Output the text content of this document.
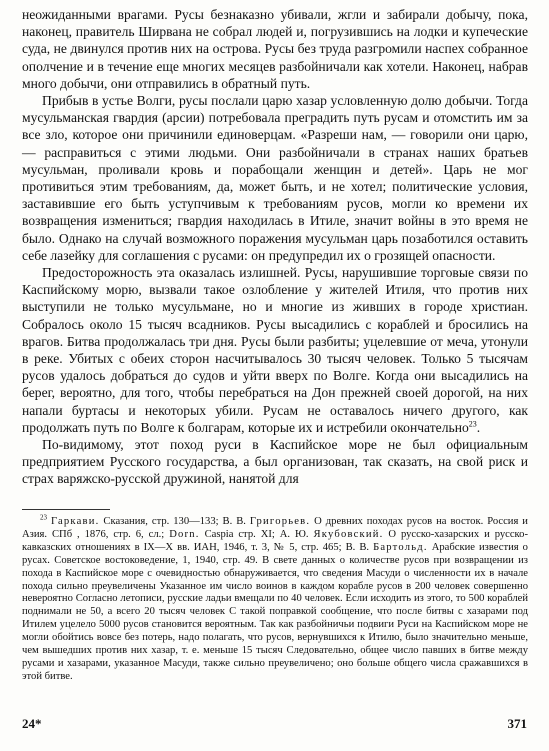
неожиданными врагами. Русы безнаказно убивали, жгли и забирали добычу, пока, наконец, правитель Ширвана не собрал людей и, погрузившись на лодки и купеческие суда, не двинулся против них на острова. Русы без труда разгромили наспех собранное ополчение и в течение еще многих месяцев разбойничали как хотели. Наконец, набрав много добычи, они отправились в обратный путь.

Прибыв в устье Волги, русы послали царю хазар условленную долю добычи. Тогда мусульманская гвардия (арсии) потребовала преградить путь русам и отомстить им за все зло, которое они причинили единоверцам. «Разреши нам, — говорили они царю, — расправиться с этими людьми. Они разбойничали в странах наших братьев мусульман, проливали кровь и порабощали женщин и детей». Царь не мог противиться этим требованиям, да, может быть, и не хотел; политические условия, заставившие его быть уступчивым к требованиям русов, могли ко времени их возвращения измениться; гвардия находилась в Итиле, значит войны в это время не было. Однако на случай возможного поражения мусульман царь позаботился оставить себе лазейку для соглашения с русами: он предупредил их о грозящей опасности.

Предосторожность эта оказалась излишней. Русы, нарушившие торговые связи по Каспийскому морю, вызвали такое озлобление у жителей Итиля, что против них выступили не только мусульмане, но и многие из живших в городе христиан. Собралось около 15 тысяч всадников. Русы высадились с кораблей и бросились на врагов. Битва продолжалась три дня. Русы были разбиты; уцелевшие от меча, утонули в реке. Убитых с обеих сторон насчитывалось 30 тысяч человек. Только 5 тысячам русов удалось добраться до судов и уйти вверх по Волге. Когда они высадились на берег, вероятно, для того, чтобы перебраться на Дон прежней своей дорогой, на них напали буртасы и некоторых убили. Русам не оставалось ничего другого, как продолжать путь по Волге к болгарам, которые их и истребили окончательно$^{23}$.

По-видимому, этот поход руси в Каспийское море не был официальным предприятием Русского государства, а был организован, так сказать, на свой риск и страх варяжско-русской дружиной, нанятой для

$^{23}$ Гаркави. Сказания, стр. 130—133; В. В. Григорьев. О древних походах русов на восток. Россия и Азия. СПб , 1876, стр. 6, сл.; Dorn. Caspia стр. XI; А. Ю. Якубовский. О русско-хазарских и русско-кавказских отношениях в IX—X вв. ИАН, 1946, т. 3, № 5, стр. 465; В. В. Бартольд. Арабские известия о русах. Советское востоковедение, 1, 1940, стр. 49. В свете данных о количестве русов при возвращении из похода в Каспийское море с очевидностью обнаруживается, что сведения Масуди о численности их в начале похода сильно преувеличены Указанное им число воинов в каждом корабле русов в 200 человек совершенно невероятно Согласно летописи, русские ладьи вмещали по 40 человек. Если исходить из этого, то 500 кораблей поднимали не 50, а всего 20 тысяч человек С такой поправкой сообщение, что после битвы с хазарами под Итилем уцелело 5000 русов становится вероятным. Так как разбойничьи подвиги Руси на Каспийском море не могли обойтись вовсе без потерь, надо полагать, что русов, вернувшихся к Итилю, было значительно меньше, чем вышедших против них хазар, т. е. меньше 15 тысяч Следовательно, общее число павших в битве между русами и хазарами, указанное Масуди, также сильно преувеличено; оно больше общего числа сражавшихся в этой битве.

24*	371
